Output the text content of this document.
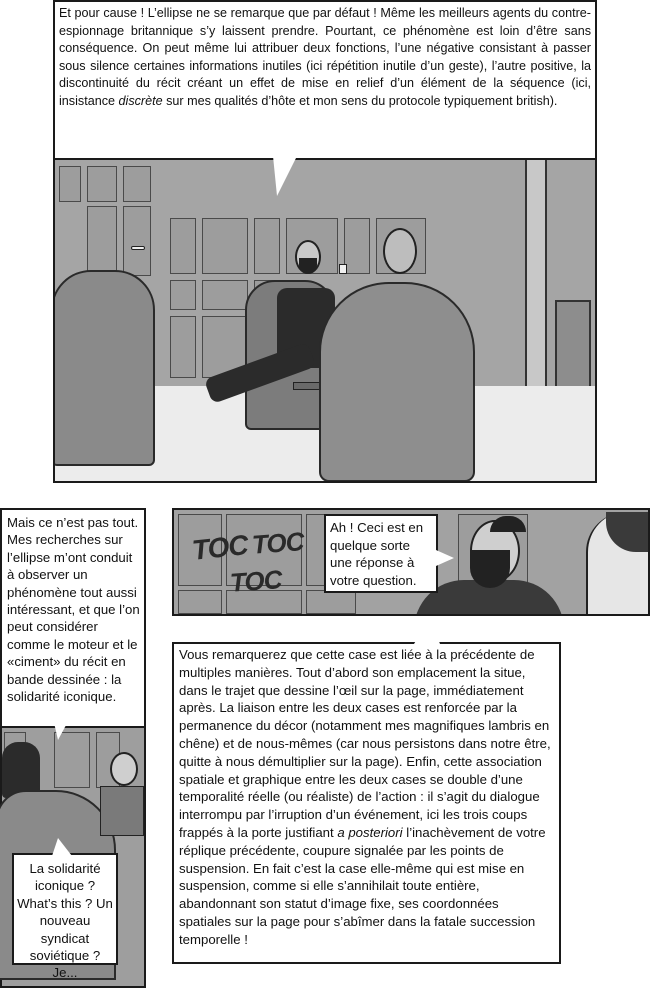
Et pour cause ! L’ellipse ne se remarque que par défaut ! Même les meilleurs agents du contre-espionnage britannique s’y laissent prendre. Pourtant, ce phénomène est loin d’être sans conséquence. On peut même lui attribuer deux fonctions, l’une négative consistant à passer sous silence certaines informations inutiles (ici répétition inutile d’un geste), l’autre positive, la discontinuité du récit créant un effet de mise en relief d’un élément de la séquence (ici, insistance discrète sur mes qualités d’hôte et mon sens du protocole typiquement british).

Mais ce n’est pas tout. Mes recherches sur l’ellipse m’ont conduit à observer un phénomène tout aussi intéressant, et que l’on peut considérer comme le moteur et le «ciment» du récit en bande dessinée : la solidarité iconique.

La solidarité iconique ? What’s this ? Un nouveau syndicat soviétique ? Je...
TOC TOC
TOC
Ah ! Ceci est en quelque sorte une réponse à votre question.

Vous remarquerez que cette case est liée à la précédente de multiples manières. Tout d’abord son emplacement la situe, dans le trajet que dessine l’œil sur la page, immédiatement après. La liaison entre les deux cases est renforcée par la permanence du décor (notamment mes magnifiques lambris en chêne) et de nous-mêmes (car nous persistons dans notre être, quitte à nous démultiplier sur la page). Enfin, cette association spatiale et graphique entre les deux cases se double d’une temporalité réelle (ou réaliste) de l’action : il s’agit du dialogue interrompu par l’irruption d’un événement, ici les trois coups frappés à la porte justifiant a posteriori l’inachèvement de votre réplique précédente, coupure signalée par les points de suspension. En fait c’est la case elle-même qui est mise en suspension, comme si elle s’annihilait toute entière, abandonnant son statut d’image fixe, ses coordonnées spatiales sur la page pour s’abîmer dans la fatale succession temporelle !
